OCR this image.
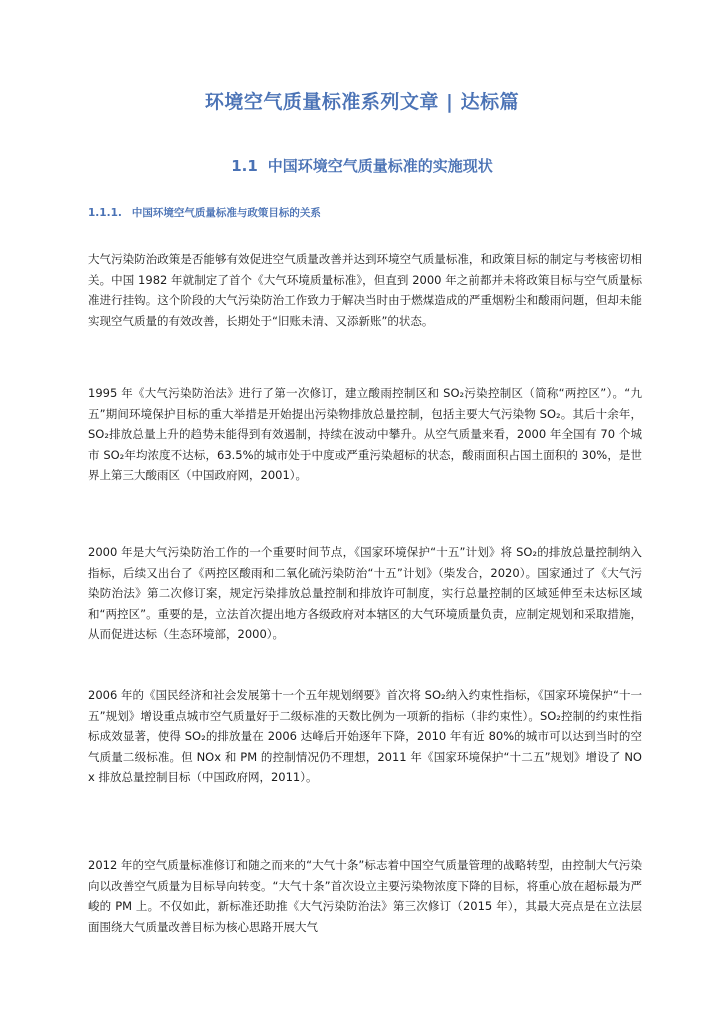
环境空气质量标准系列文章 | 达标篇
1.1 中国环境空气质量标准的实施现状
1.1.1. 中国环境空气质量标准与政策目标的关系

大气污染防治政策是否能够有效促进空气质量改善并达到环境空气质量标准，和政策目标的制定与考核密切相关。中国 1982 年就制定了首个《大气环境质量标准》，但直到 2000 年之前都并未将政策目标与空气质量标准进行挂钩。这个阶段的大气污染防治工作致力于解决当时由于燃煤造成的严重烟粉尘和酸雨问题，但却未能实现空气质量的有效改善，长期处于“旧账未清、又添新账”的状态。

1995 年《大气污染防治法》进行了第一次修订，建立酸雨控制区和 SO₂污染控制区（简称“两控区”）。“九五”期间环境保护目标的重大举措是开始提出污染物排放总量控制，包括主要大气污染物 SO₂。其后十余年，SO₂排放总量上升的趋势未能得到有效遏制，持续在波动中攀升。从空气质量来看，2000 年全国有 70 个城市 SO₂年均浓度不达标，63.5%的城市处于中度或严重污染超标的状态，酸雨面积占国土面积的 30%，是世界上第三大酸雨区（中国政府网，2001）。

2000 年是大气污染防治工作的一个重要时间节点，《国家环境保护“十五”计划》将 SO₂的排放总量控制纳入指标，后续又出台了《两控区酸雨和二氧化硫污染防治“十五”计划》（柴发合，2020）。国家通过了《大气污染防治法》第二次修订案，规定污染排放总量控制和排放许可制度，实行总量控制的区域延伸至未达标区域和“两控区”。重要的是，立法首次提出地方各级政府对本辖区的大气环境质量负责，应制定规划和采取措施，从而促进达标（生态环境部，2000）。

2006 年的《国民经济和社会发展第十一个五年规划纲要》首次将 SO₂纳入约束性指标，《国家环境保护“十一五”规划》增设重点城市空气质量好于二级标准的天数比例为一项新的指标（非约束性）。SO₂控制的约束性指标成效显著，使得 SO₂的排放量在 2006 达峰后开始逐年下降，2010 年有近 80%的城市可以达到当时的空气质量二级标准。但 NOx 和 PM 的控制情况仍不理想，2011 年《国家环境保护“十二五”规划》增设了 NOx 排放总量控制目标（中国政府网，2011）。

2012 年的空气质量标准修订和随之而来的“大气十条”标志着中国空气质量管理的战略转型，由控制大气污染向以改善空气质量为目标导向转变。“大气十条”首次设立主要污染物浓度下降的目标，将重心放在超标最为严峻的 PM 上。不仅如此，新标准还助推《大气污染防治法》第三次修订（2015 年），其最大亮点是在立法层面围绕大气质量改善目标为核心思路开展大气
